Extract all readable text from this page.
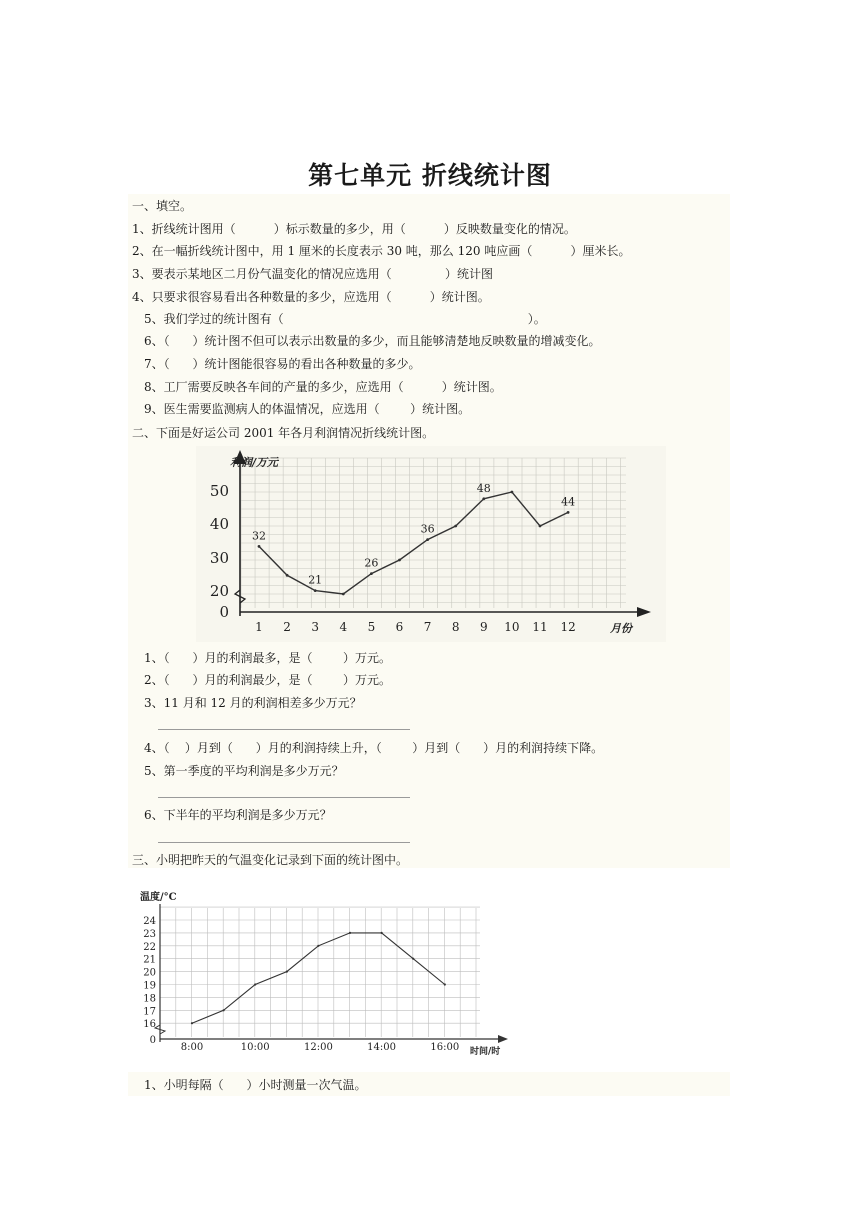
第七单元 折线统计图
一、填空。
1、折线统计图用（          ）标示数量的多少，用（          ）反映数量变化的情况。
2、在一幅折线统计图中，用 1 厘米的长度表示 30 吨，那么 120 吨应画（          ）厘米长。
3、要表示某地区二月份气温变化的情况应选用（              ）统计图
4、只要求很容易看出各种数量的多少，应选用（          ）统计图。
5、我们学过的统计图有（                                                                ）。
6、（      ）统计图不但可以表示出数量的多少，而且能够清楚地反映数量的增减变化。
7、（      ）统计图能很容易的看出各种数量的多少。
8、工厂需要反映各车间的产量的多少，应选用（          ）统计图。
9、医生需要监测病人的体温情况，应选用（        ）统计图。
二、下面是好运公司 2001 年各月利润情况折线统计图。
32
21
26
36
48
44
1 2 3 4 5 6 7 8 9 10 11 12
0
20
30
40
50
利润/万元
月份
1、（      ）月的利润最多，是（        ）万元。
2、（      ）月的利润最少，是（        ）万元。
3、11 月和 12 月的利润相差多少万元？
4、（    ）月到（      ）月的利润持续上升，（        ）月到（      ）月的利润持续下降。
5、第一季度的平均利润是多少万元？
6、下半年的平均利润是多少万元？
三、小明把昨天的气温变化记录到下面的统计图中。
8:00	10:00	12:00	14:00	16:00
0
16
17
18
19
20
21
22
23
24
温度/°C
时间/时
1、小明每隔（      ）小时测量一次气温。
